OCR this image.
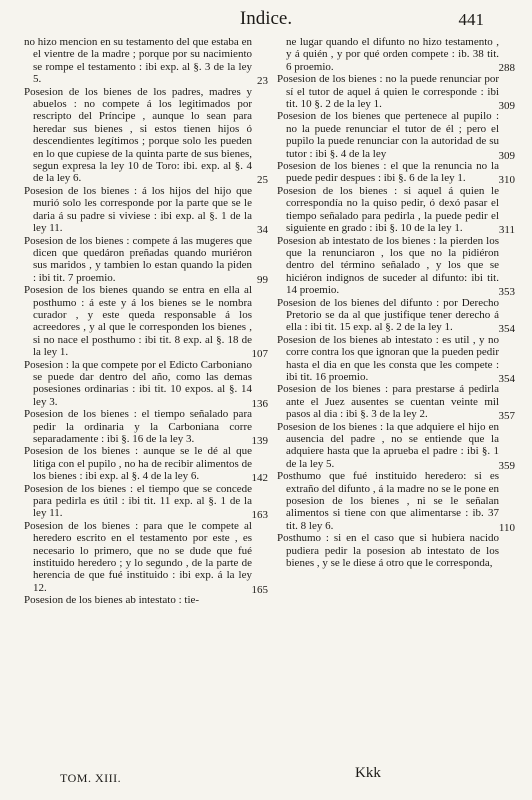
Indice.	441
no hizo mencion en su testamento del que estaba en el vientre de la madre ; porque por su nacimiento se rompe el testamento : ibi exp. al §. 3 de la ley 5.	23
Posesion de los bienes de los padres, madres y abuelos : no compete á los legitimados por rescripto del Príncipe , aunque lo sean para heredar sus bienes , si estos tienen hijos ó descendientes legítimos ; porque solo les pueden en lo que cupiese de la quinta parte de sus bienes, segun expresa la ley 10 de Toro: ibi. exp. al §. 4 de la ley 6.	25
Posesion de los bienes : á los hijos del hijo que murió solo les corresponde por la parte que se le daria á su padre si viviese : ibi exp. al §. 1 de la ley 11.	34
Posesion de los bienes : compete á las mugeres que dicen que quedáron preñadas quando muriéron sus maridos , y tambien lo estan quando la piden : ibi tit. 7 proemio.	99
Posesion de los bienes quando se entra en ella al posthumo : á este y á los bienes se le nombra curador , y este queda responsable á los acreedores , y al que le corresponden los bienes , si no nace el posthumo : ibi tit. 8 exp. al §. 18 de la ley 1.	107
Posesion : la que compete por el Edicto Carboniano se puede dar dentro del año, como las demas posesiones ordinarias : ibi tit. 10 expos. al §. 14 ley 3.	136
Posesion de los bienes : el tiempo señalado para pedir la ordinaria y la Carboniana corre separadamente : ibi §. 16 de la ley 3.	139
Posesion de los bienes : aunque se le dé al que litiga con el pupilo , no ha de recibir alimentos de los bienes : ibi exp. al §. 4 de la ley 6.	142
Posesion de los bienes : el tiempo que se concede para pedirla es útil : ibi tit. 11 exp. al §. 1 de la ley 11.	163
Posesion de los bienes : para que le compete al heredero escrito en el testamento por este , es necesario lo primero, que no se dude que fué instituido heredero ; y lo segundo , de la parte de herencia de que fué instituido : ibi exp. á la ley 12.	165
Posesion de los bienes ab intestato : tie-
ne lugar quando el difunto no hizo testamento , y á quién , y por qué orden compete : ib. 38 tit. 6 proemio.	288
Posesion de los bienes : no la puede renunciar por sí el tutor de aquel á quien le corresponde : ibi tit. 10 §. 2 de la ley 1.	309
Posesion de los bienes que pertenece al pupilo : no la puede renunciar el tutor de él ; pero el pupilo la puede renunciar con la autoridad de su tutor : ibi §. 4 de la ley	309
Posesion de los bienes : el que la renuncia no la puede pedir despues : ibi §. 6 de la ley 1.	310
Posesion de los bienes : si aquel á quien le correspondía no la quiso pedir, ó dexó pasar el tiempo señalado para pedirla , la puede pedir el siguiente en grado : ibi §. 10 de la ley 1.	311
Posesion ab intestato de los bienes : la pierden los que la renunciaron , los que no la pidiéron dentro del término señalado , y los que se hiciéron indignos de suceder al difunto: ibi tit. 14 proemio.	353
Posesion de los bienes del difunto : por Derecho Pretorio se da al que justifique tener derecho á ella : ibi tit. 15 exp. al §. 2 de la ley 1.	354
Posesion de los bienes ab intestato : es util , y no corre contra los que ignoran que la pueden pedir hasta el dia en que les consta que les compete : ibi tit. 16 proemio.	354
Posesion de los bienes : para prestarse á pedirla ante el Juez ausentes se cuentan veinte mil pasos al dia : ibi §. 3 de la ley 2.	357
Posesion de los bienes : la que adquiere el hijo en ausencia del padre , no se entiende que la adquiere hasta que la aprueba el padre : ibi §. 1 de la ley 5.	359
Posthumo que fué instituido heredero: si es extraño del difunto , á la madre no se le pone en posesion de los bienes , ni se le señalan alimentos si tiene con que alimentarse : ib. 37 tit. 8 ley 6.	110
Posthumo : si en el caso que si hubiera nacido pudiera pedir la posesion ab intestato de los bienes , y se le diese á otro que le corresponda,
TOM. XIII.	Kkk
